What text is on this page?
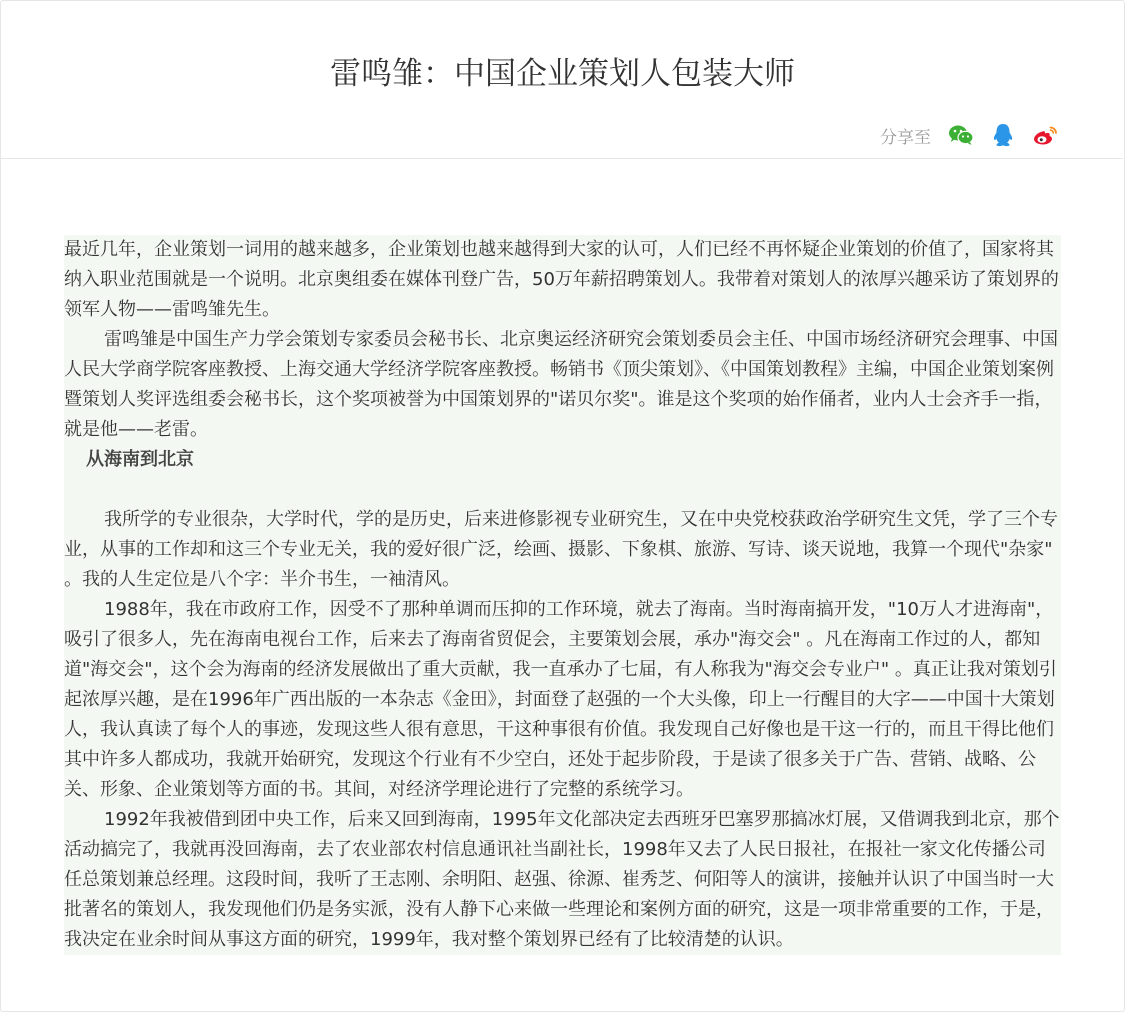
雷鸣雏：中国企业策划人包装大师
分享至

最近几年，企业策划一词用的越来越多，企业策划也越来越得到大家的认可，人们已经不再怀疑企业策划的价值了，国家将其纳入职业范围就是一个说明。北京奥组委在媒体刊登广告，50万年薪招聘策划人。我带着对策划人的浓厚兴趣采访了策划界的领军人物——雷鸣雏先生。

雷鸣雏是中国生产力学会策划专家委员会秘书长、北京奥运经济研究会策划委员会主任、中国市场经济研究会理事、中国人民大学商学院客座教授、上海交通大学经济学院客座教授。畅销书《顶尖策划》、《中国策划教程》主编，中国企业策划案例暨策划人奖评选组委会秘书长，这个奖项被誉为中国策划界的"诺贝尔奖"。谁是这个奖项的始作俑者，业内人士会齐手一指，就是他——老雷。

从海南到北京

我所学的专业很杂，大学时代，学的是历史，后来进修影视专业研究生，又在中央党校获政治学研究生文凭，学了三个专业，从事的工作却和这三个专业无关，我的爱好很广泛，绘画、摄影、下象棋、旅游、写诗、谈天说地，我算一个现代"杂家" 。我的人生定位是八个字：半介书生，一袖清风。

1988年，我在市政府工作，因受不了那种单调而压抑的工作环境，就去了海南。当时海南搞开发，"10万人才进海南"，吸引了很多人，先在海南电视台工作，后来去了海南省贸促会，主要策划会展，承办"海交会" 。凡在海南工作过的人，都知道"海交会"，这个会为海南的经济发展做出了重大贡献，我一直承办了七届，有人称我为"海交会专业户" 。真正让我对策划引起浓厚兴趣，是在1996年广西出版的一本杂志《金田》，封面登了赵强的一个大头像，印上一行醒目的大字——中国十大策划人，我认真读了每个人的事迹，发现这些人很有意思，干这种事很有价值。我发现自己好像也是干这一行的，而且干得比他们其中许多人都成功，我就开始研究，发现这个行业有不少空白，还处于起步阶段，于是读了很多关于广告、营销、战略、公关、形象、企业策划等方面的书。其间，对经济学理论进行了完整的系统学习。

1992年我被借到团中央工作，后来又回到海南，1995年文化部决定去西班牙巴塞罗那搞冰灯展，又借调我到北京，那个活动搞完了，我就再没回海南，去了农业部农村信息通讯社当副社长，1998年又去了人民日报社，在报社一家文化传播公司任总策划兼总经理。这段时间，我听了王志刚、余明阳、赵强、徐源、崔秀芝、何阳等人的演讲，接触并认识了中国当时一大批著名的策划人，我发现他们仍是务实派，没有人静下心来做一些理论和案例方面的研究，这是一项非常重要的工作，于是，我决定在业余时间从事这方面的研究，1999年，我对整个策划界已经有了比较清楚的认识。
